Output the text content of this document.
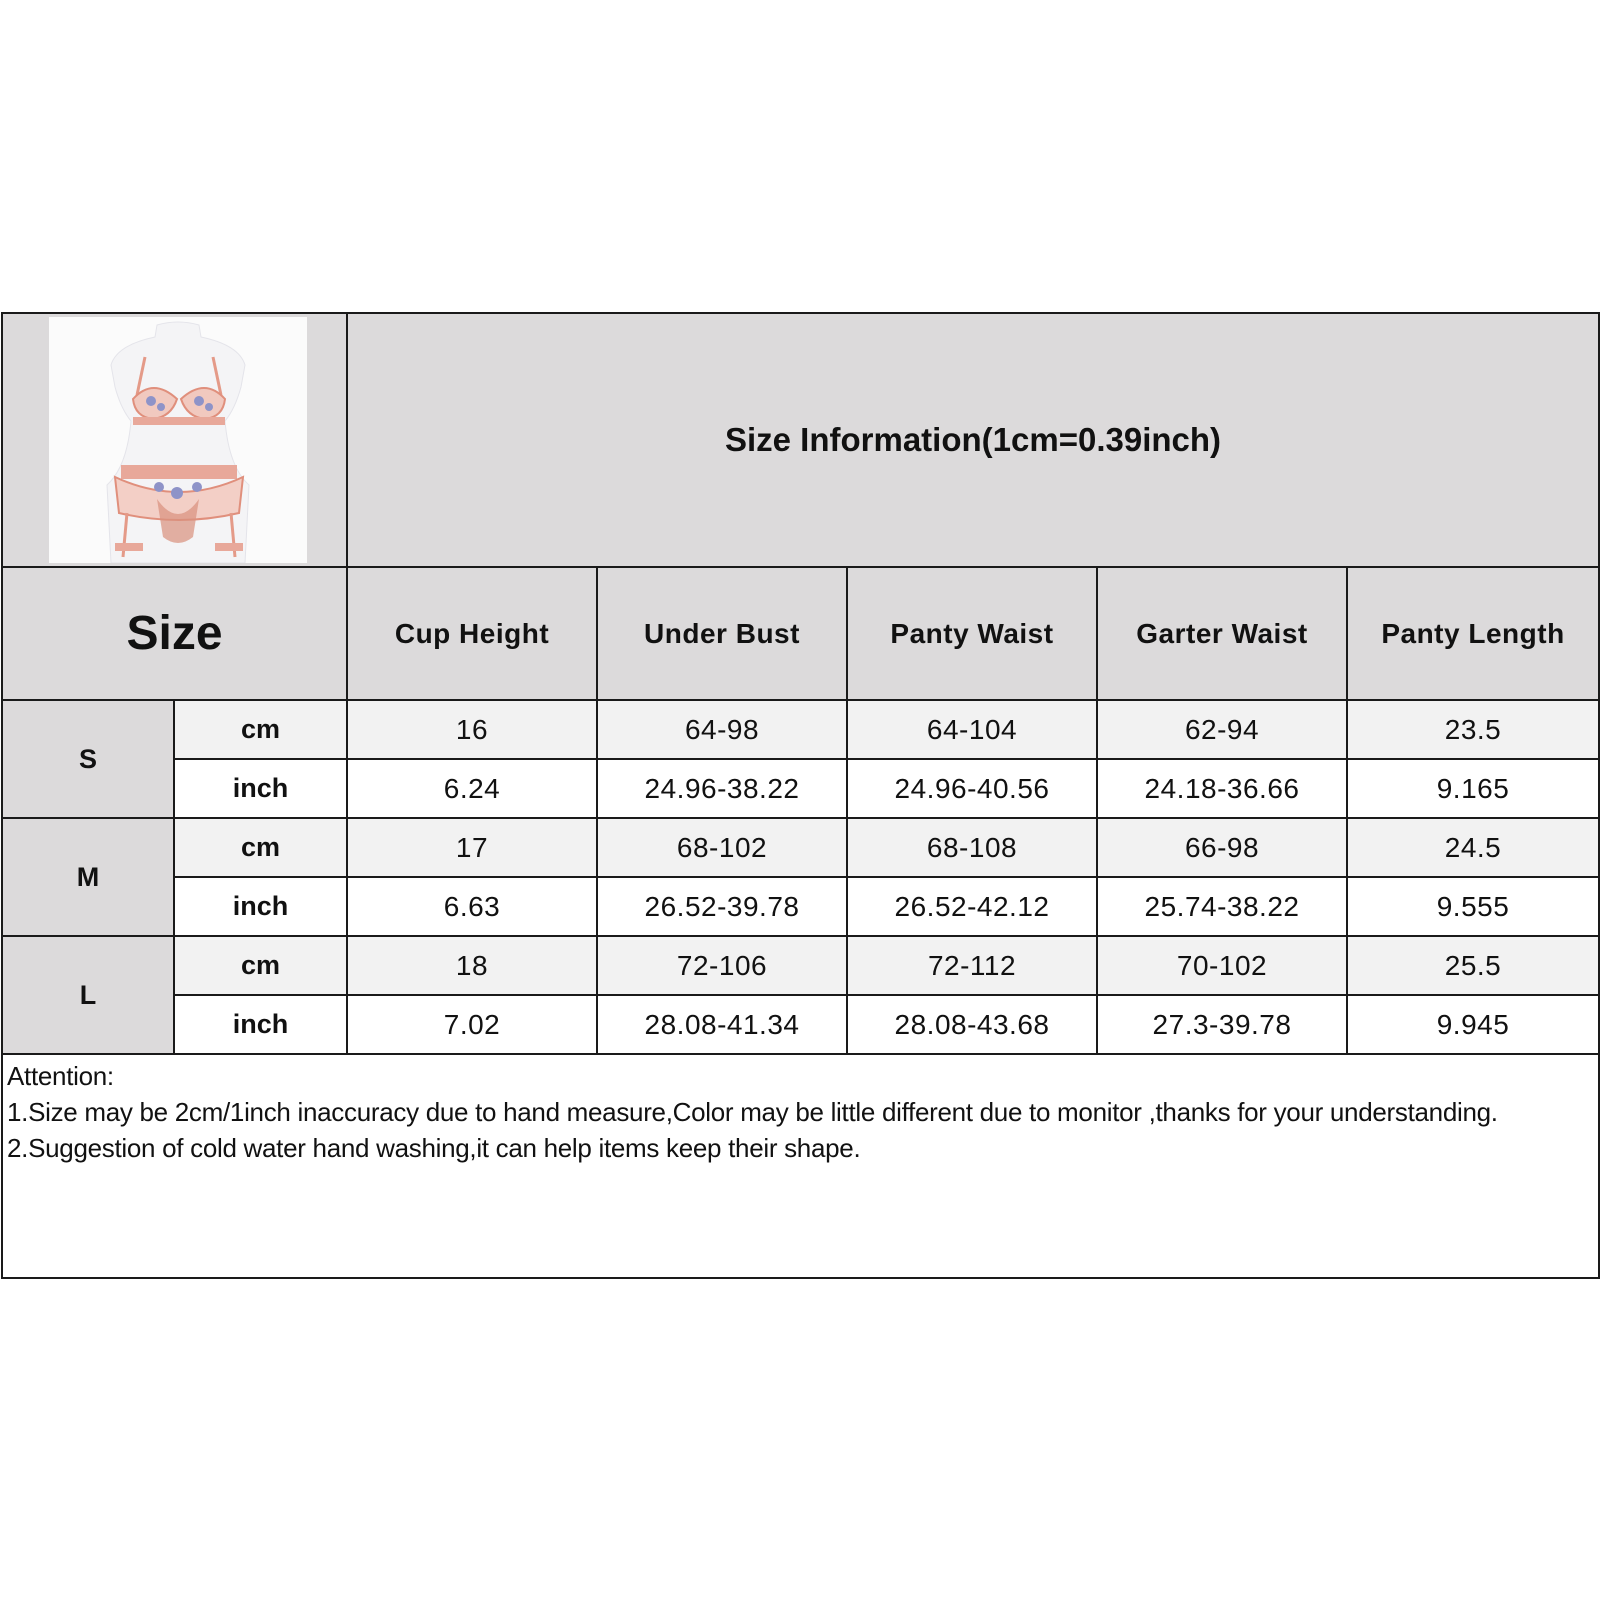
	Size Information(1cm=0.39inch)				
Size		Cup Height	Under Bust	Panty Waist	Garter Waist	Panty Length
S	cm	16	64-98	64-104	62-94	23.5
	inch	6.24	24.96-38.22	24.96-40.56	24.18-36.66	9.165
M	cm	17	68-102	68-108	66-98	24.5
	inch	6.63	26.52-39.78	26.52-42.12	25.74-38.22	9.555
L	cm	18	72-106	72-112	70-102	25.5
	inch	7.02	28.08-41.34	28.08-43.68	27.3-39.78	9.945

Attention:
1.Size may be 2cm/1inch inaccuracy due to hand measure,Color may be little different due to monitor ,thanks for your understanding.
2.Suggestion of cold water hand washing,it can help items keep their shape.						
